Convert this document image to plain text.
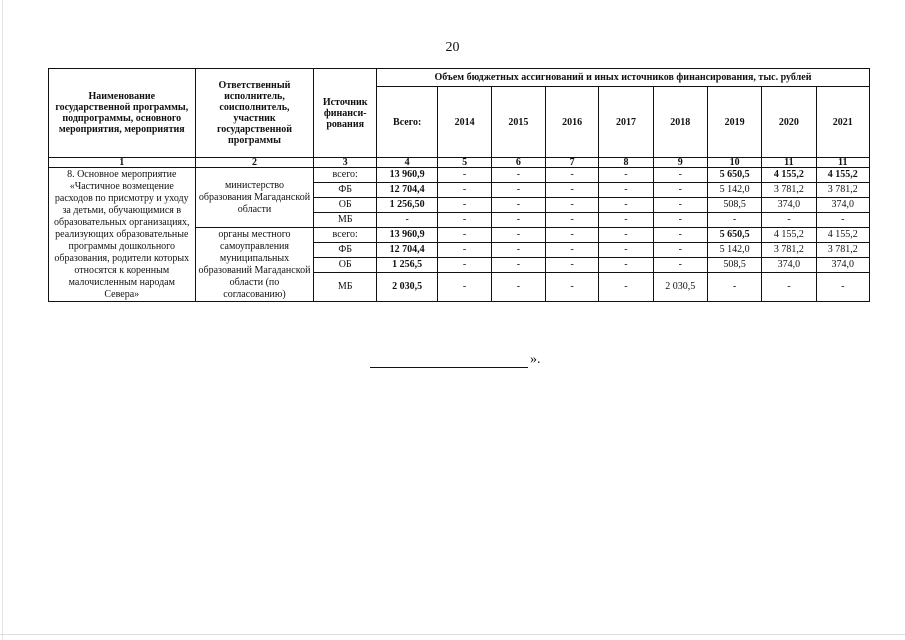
20
Наименование государственной программы, подпрограммы, основного мероприятия, мероприятия	Ответственный исполнитель, соисполнитель, участник государственной программы	Источник финанси-рования	Объем бюджетных ассигнований и иных источников финансирования, тыс. рублей								
			Всего:	2014	2015	2016	2017	2018	2019	2020	2021
1	2	3	4	5	6	7	8	9	10	11	11
8. Основное мероприятие «Частичное возмещение расходов по присмотру и уходу за детьми, обучающимися в образовательных организациях, реализующих образовательные программы дошкольного образования, родители которых относятся к коренным малочисленным народам Севера»	министерство образования Магаданской области	всего:	13 960,9	-	-	-	-	-	5 650,5	4 155,2	4 155,2
		ФБ	12 704,4	-	-	-	-	-	5 142,0	3 781,2	3 781,2
		ОБ	1 256,50	-	-	-	-	-	508,5	374,0	374,0
		МБ	-	-	-	-	-	-	-	-	-
	органы местного самоуправления муниципальных образований Магаданской области (по согласованию)	всего:	13 960,9	-	-	-	-	-	5 650,5	4 155,2	4 155,2
		ФБ	12 704,4	-	-	-	-	-	5 142,0	3 781,2	3 781,2
		ОБ	1 256,5	-	-	-	-	-	508,5	374,0	374,0
		МБ	2 030,5	-	-	-	-	2 030,5	-	-	-
».
